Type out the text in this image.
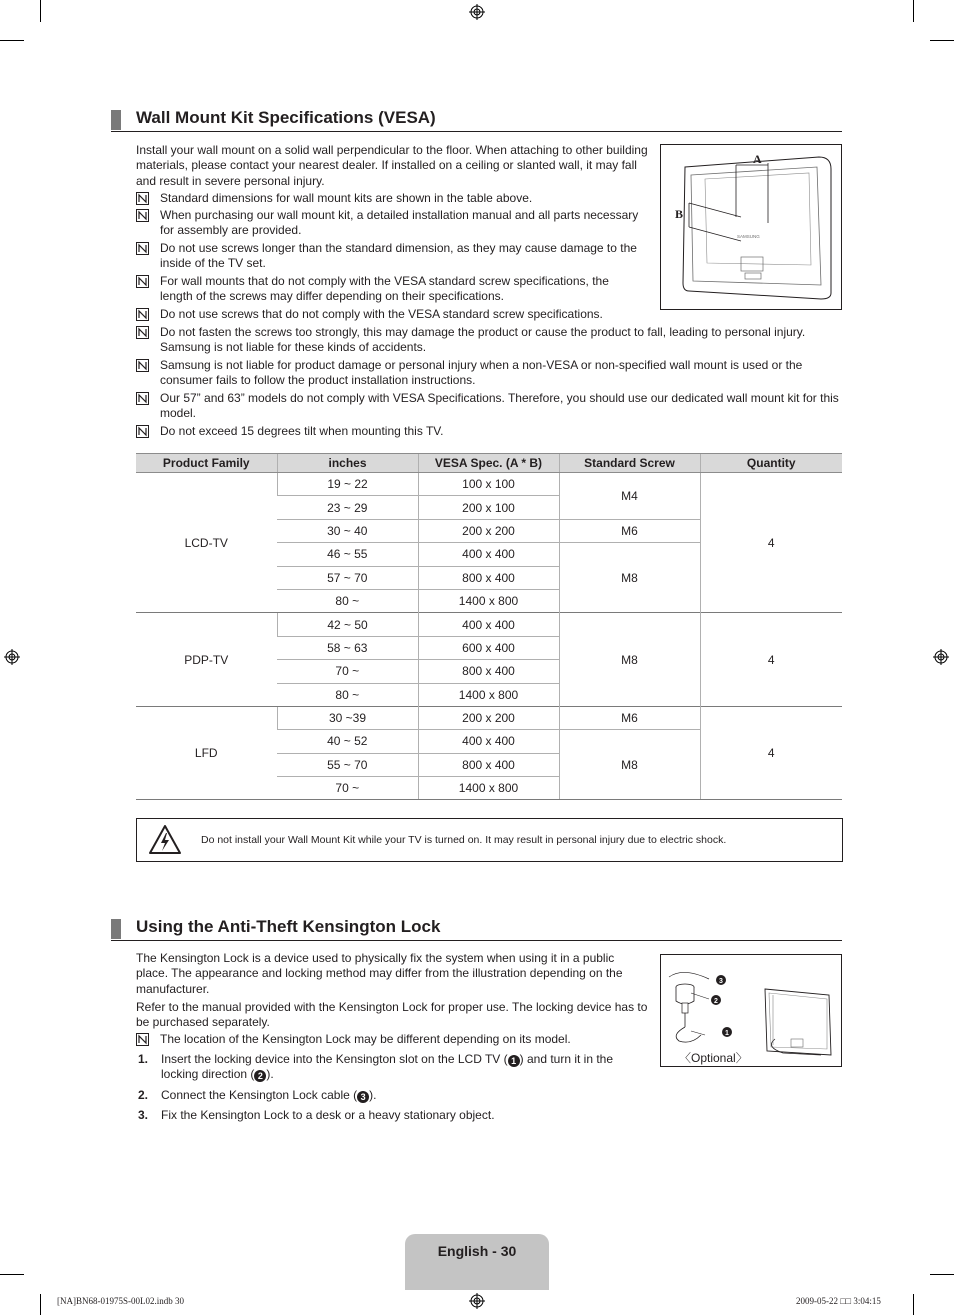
Wall Mount Kit Specifications (VESA)
Install your wall mount on a solid wall perpendicular to the floor. When attaching to other building materials, please contact your nearest dealer. If installed on a ceiling or slanted wall, it may fall and result in severe personal injury.
Standard dimensions for wall mount kits are shown in the table above.
When purchasing our wall mount kit, a detailed installation manual and all parts necessary for assembly are provided.
Do not use screws longer than the standard dimension, as they may cause damage to the inside of the TV set.
For wall mounts that do not comply with the VESA standard screw specifications, the length of the screws may differ depending on their specifications.
Do not use screws that do not comply with the VESA standard screw specifications.
Do not fasten the screws too strongly, this may damage the product or cause the product to fall, leading to personal injury. Samsung is not liable for these kinds of accidents.
Samsung is not liable for product damage or personal injury when a non-VESA or non-specified wall mount is used or the consumer fails to follow the product installation instructions.
Our 57” and 63” models do not comply with VESA Specifications. Therefore, you should use our dedicated wall mount kit for this model.
Do not exceed 15 degrees tilt when mounting this TV.
A
B
SAMSUNG
Product Family	inches	VESA Spec. (A * B)	Standard Screw	Quantity
LCD-TV	19 ~ 22	100 x 100	M4	4
	23 ~ 29	200 x 100		
	30 ~ 40	200 x 200	M6	
	46 ~ 55	400 x 400	M8	
	57 ~ 70	800 x 400		
	80 ~	1400 x 800		
PDP-TV	42 ~ 50	400 x 400	M8	4
	58 ~ 63	600 x 400		
	70 ~	800 x 400		
	80 ~	1400 x 800		
LFD	30 ~39	200 x 200	M6	4
	40 ~ 52	400 x 400	M8	
	55 ~ 70	800 x 400		
	70 ~	1400 x 800		
Do not install your Wall Mount Kit while your TV is turned on. It may result in personal injury due to electric shock.
Using the Anti-Theft Kensington Lock
The Kensington Lock is a device used to physically fix the system when using it in a public place. The appearance and locking method may differ from the illustration depending on the manufacturer.
Refer to the manual provided with the Kensington Lock for proper use. The locking device has to be purchased separately.
The location of the Kensington Lock may be different depending on its model.
1. Insert the locking device into the Kensington slot on the LCD TV ( 1 ) and turn it in the locking direction ( 2 ).
2. Connect the Kensington Lock cable ( 3 ).
3. Fix the Kensington Lock to a desk or a heavy stationary object.
3
2
1
〈Optional〉
English - 30
[NA]BN68-01975S-00L02.indb 30	2009-05-22 □□ 3:04:15
